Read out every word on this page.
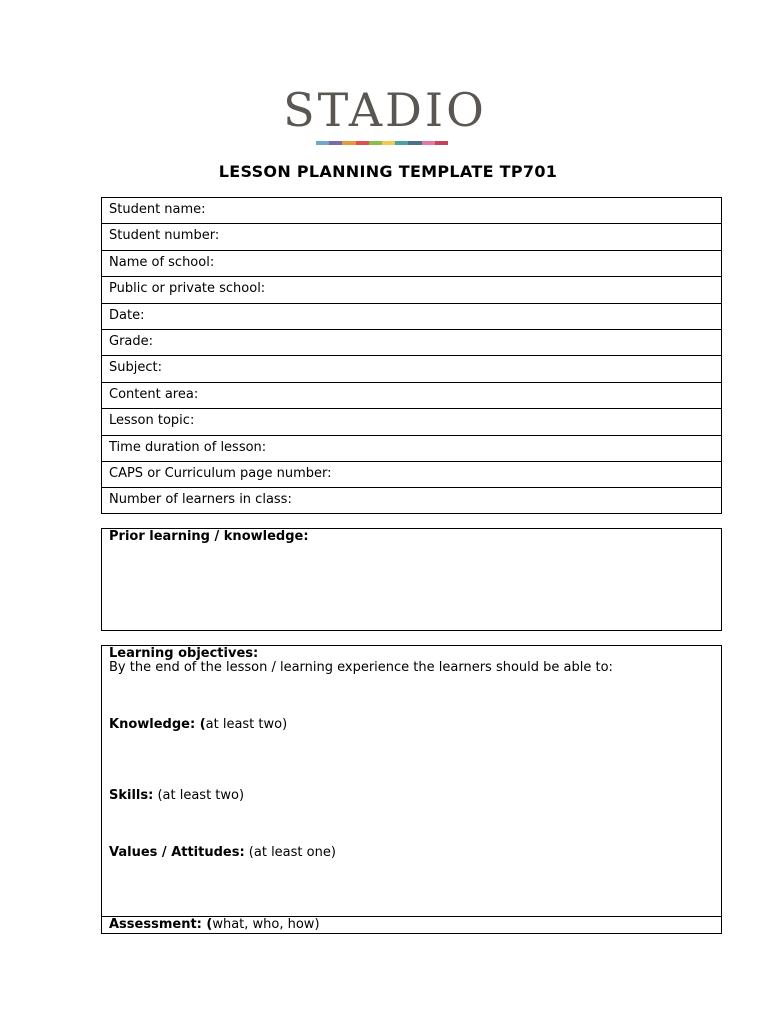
STADIO
LESSON PLANNING TEMPLATE TP701
Student name:
Student number:
Name of school:
Public or private school:
Date:
Grade:
Subject:
Content area:
Lesson topic:
Time duration of lesson:
CAPS or Curriculum page number:
Number of learners in class:
Prior learning / knowledge:
Learning objectives:
By the end of the lesson / learning experience the learners should be able to:
Knowledge: (at least two)
Skills: (at least two)
Values / Attitudes: (at least one)
Assessment: (what, who, how)
